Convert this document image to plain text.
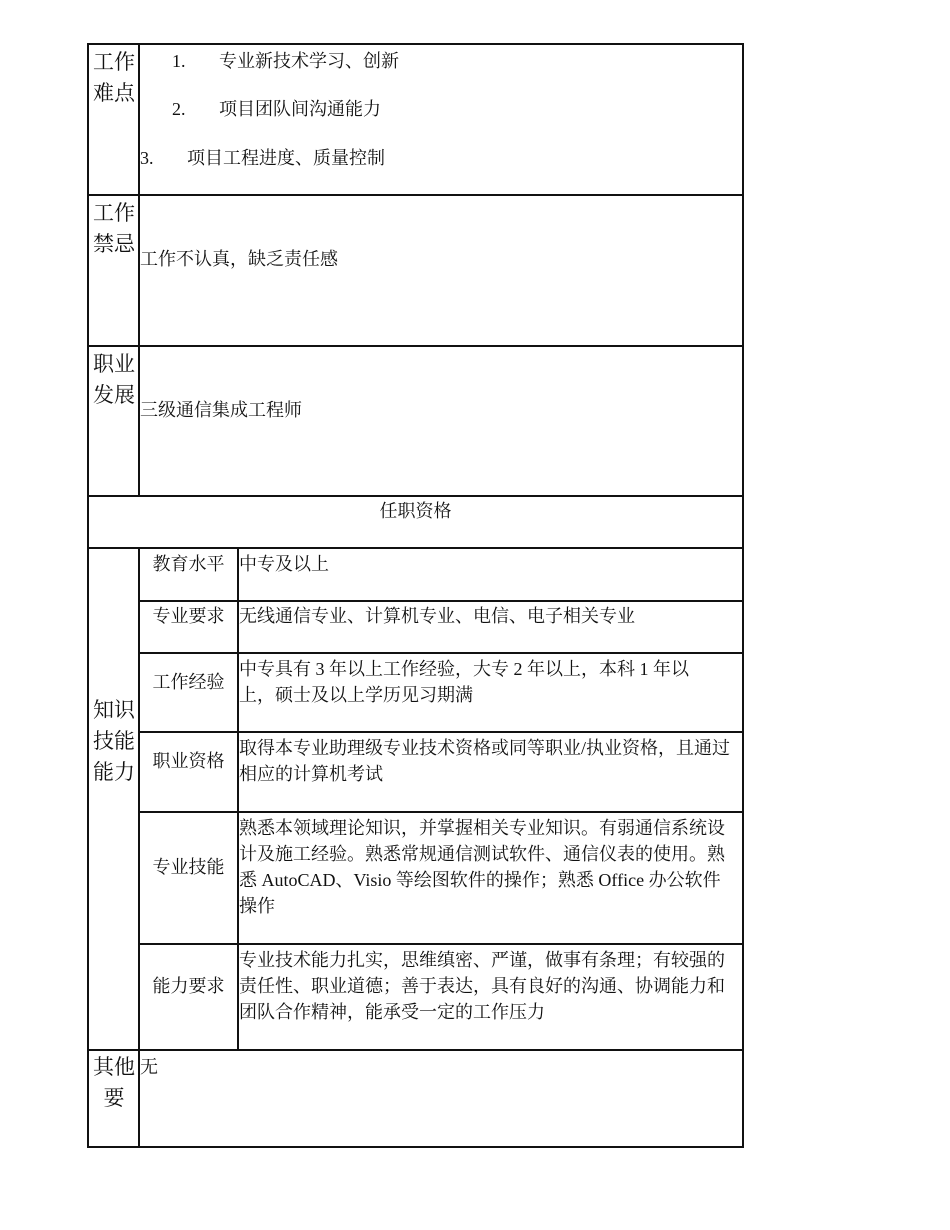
工作难点
1. 专业新技术学习、创新
2. 项目团队间沟通能力
3. 项目工程进度、质量控制
工作禁忌
工作不认真，缺乏责任感
职业发展
三级通信集成工程师
任职资格
知识技能能力
教育水平 中专及以上
专业要求 无线通信专业、计算机专业、电信、电子相关专业
工作经验
中专具有 3 年以上工作经验，大专 2 年以上，本科 1 年以上，硕士及以上学历见习期满
职业资格
取得本专业助理级专业技术资格或同等职业/执业资格，且通过相应的计算机考试
专业技能
熟悉本领域理论知识，并掌握相关专业知识。有弱通信系统设计及施工经验。熟悉常规通信测试软件、通信仪表的使用。熟悉 AutoCAD、Visio 等绘图软件的操作；熟悉 Office 办公软件操作
能力要求
专业技术能力扎实，思维缜密、严谨，做事有条理；有较强的责任性、职业道德；善于表达，具有良好的沟通、协调能力和团队合作精神，能承受一定的工作压力
其他要
无
